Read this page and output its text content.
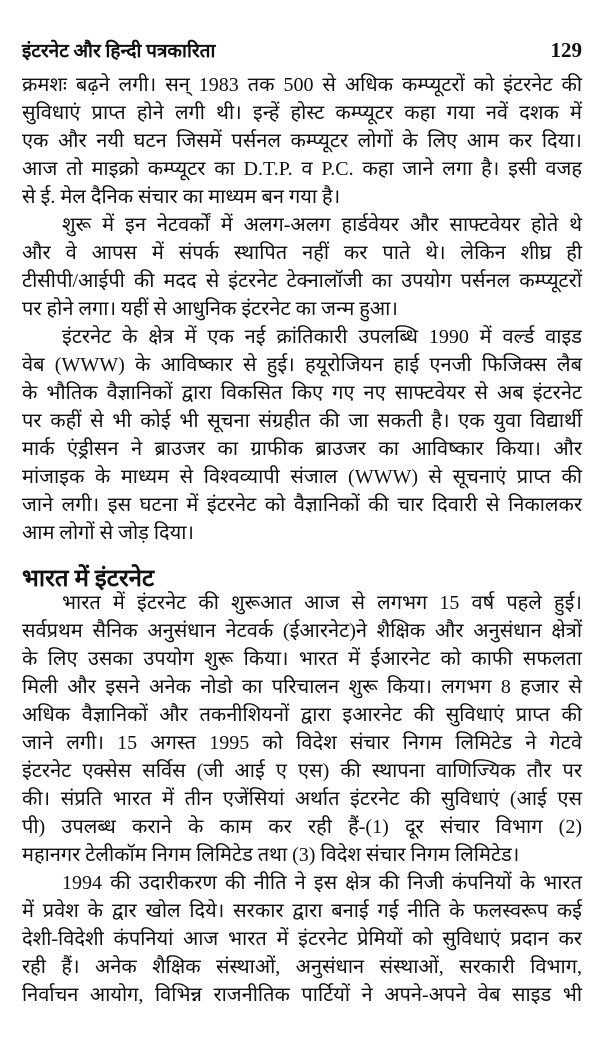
इंटरनेट और हिन्दी पत्रकारिता	129
क्रमशः बढ़ने लगी। सन् 1983 तक 500 से अधिक कम्प्यूटरों को इंटरनेट की
सुविधाएं प्राप्त होने लगी थी। इन्हें होस्ट कम्प्यूटर कहा गया नवें दशक में
एक और नयी घटन जिसमें पर्सनल कम्प्यूटर लोगों के लिए आम कर दिया।
आज तो माइक्रो कम्प्यूटर का D.T.P. व P.C. कहा जाने लगा है। इसी वजह
से ई. मेल दैनिक संचार का माध्यम बन गया है।
शुरू में इन नेटवर्कों में अलग-अलग हार्डवेयर और साफ्टवेयर होते थे
और वे आपस में संपर्क स्थापित नहीं कर पाते थे। लेकिन शीघ्र ही
टीसीपी/आईपी की मदद से इंटरनेट टेक्नालॉजी का उपयोग पर्सनल कम्प्यूटरों
पर होने लगा। यहीं से आधुनिक इंटरनेट का जन्म हुआ।
इंटरनेट के क्षेत्र में एक नई क्रांतिकारी उपलब्धि 1990 में वर्ल्ड वाइड
वेब (WWW) के आविष्कार से हुई। हयूरोजियन हाई एनजी फिजिक्स लैब
के भौतिक वैज्ञानिकों द्वारा विकसित किए गए नए साफ्टवेयर से अब इंटरनेट
पर कहीं से भी कोई भी सूचना संग्रहीत की जा सकती है। एक युवा विद्यार्थी
मार्क एंड्रीसन ने ब्राउजर का ग्राफीक ब्राउजर का आविष्कार किया। और
मांजाइक के माध्यम से विश्वव्यापी संजाल (WWW) से सूचनाएं प्राप्त की
जाने लगी। इस घटना में इंटरनेट को वैज्ञानिकों की चार दिवारी से निकालकर
आम लोगों से जोड़ दिया।
भारत में इंटरनेट
भारत में इंटरनेट की शुरूआत आज से लगभग 15 वर्ष पहले हुई।
सर्वप्रथम सैनिक अनुसंधान नेटवर्क (ईआरनेट)ने शैक्षिक और अनुसंधान क्षेत्रों
के लिए उसका उपयोग शुरू किया। भारत में ईआरनेट को काफी सफलता
मिली और इसने अनेक नोडो का परिचालन शुरू किया। लगभग 8 हजार से
अधिक वैज्ञानिकों और तकनीशियनों द्वारा इआरनेट की सुविधाएं प्राप्त की
जाने लगी। 15 अगस्त 1995 को विदेश संचार निगम लिमिटेड ने गेटवे
इंटरनेट एक्सेस सर्विस (जी आई ए एस) की स्थापना वाणिज्यिक तौर पर
की। संप्रति भारत में तीन एजेंसियां अर्थात इंटरनेट की सुविधाएं (आई एस
पी) उपलब्ध कराने के काम कर रही हैं-(1) दूर संचार विभाग (2)
महानगर टेलीकॉम निगम लिमिटेड तथा (3) विदेश संचार निगम लिमिटेड।
1994 की उदारीकरण की नीति ने इस क्षेत्र की निजी कंपनियों के भारत
में प्रवेश के द्वार खोल दिये। सरकार द्वारा बनाई गई नीति के फलस्वरूप कई
देशी-विदेशी कंपनियां आज भारत में इंटरनेट प्रेमियों को सुविधाएं प्रदान कर
रही हैं। अनेक शैक्षिक संस्थाओं, अनुसंधान संस्थाओं, सरकारी विभाग,
निर्वाचन आयोग, विभिन्न राजनीतिक पार्टियों ने अपने-अपने वेब साइड भी
